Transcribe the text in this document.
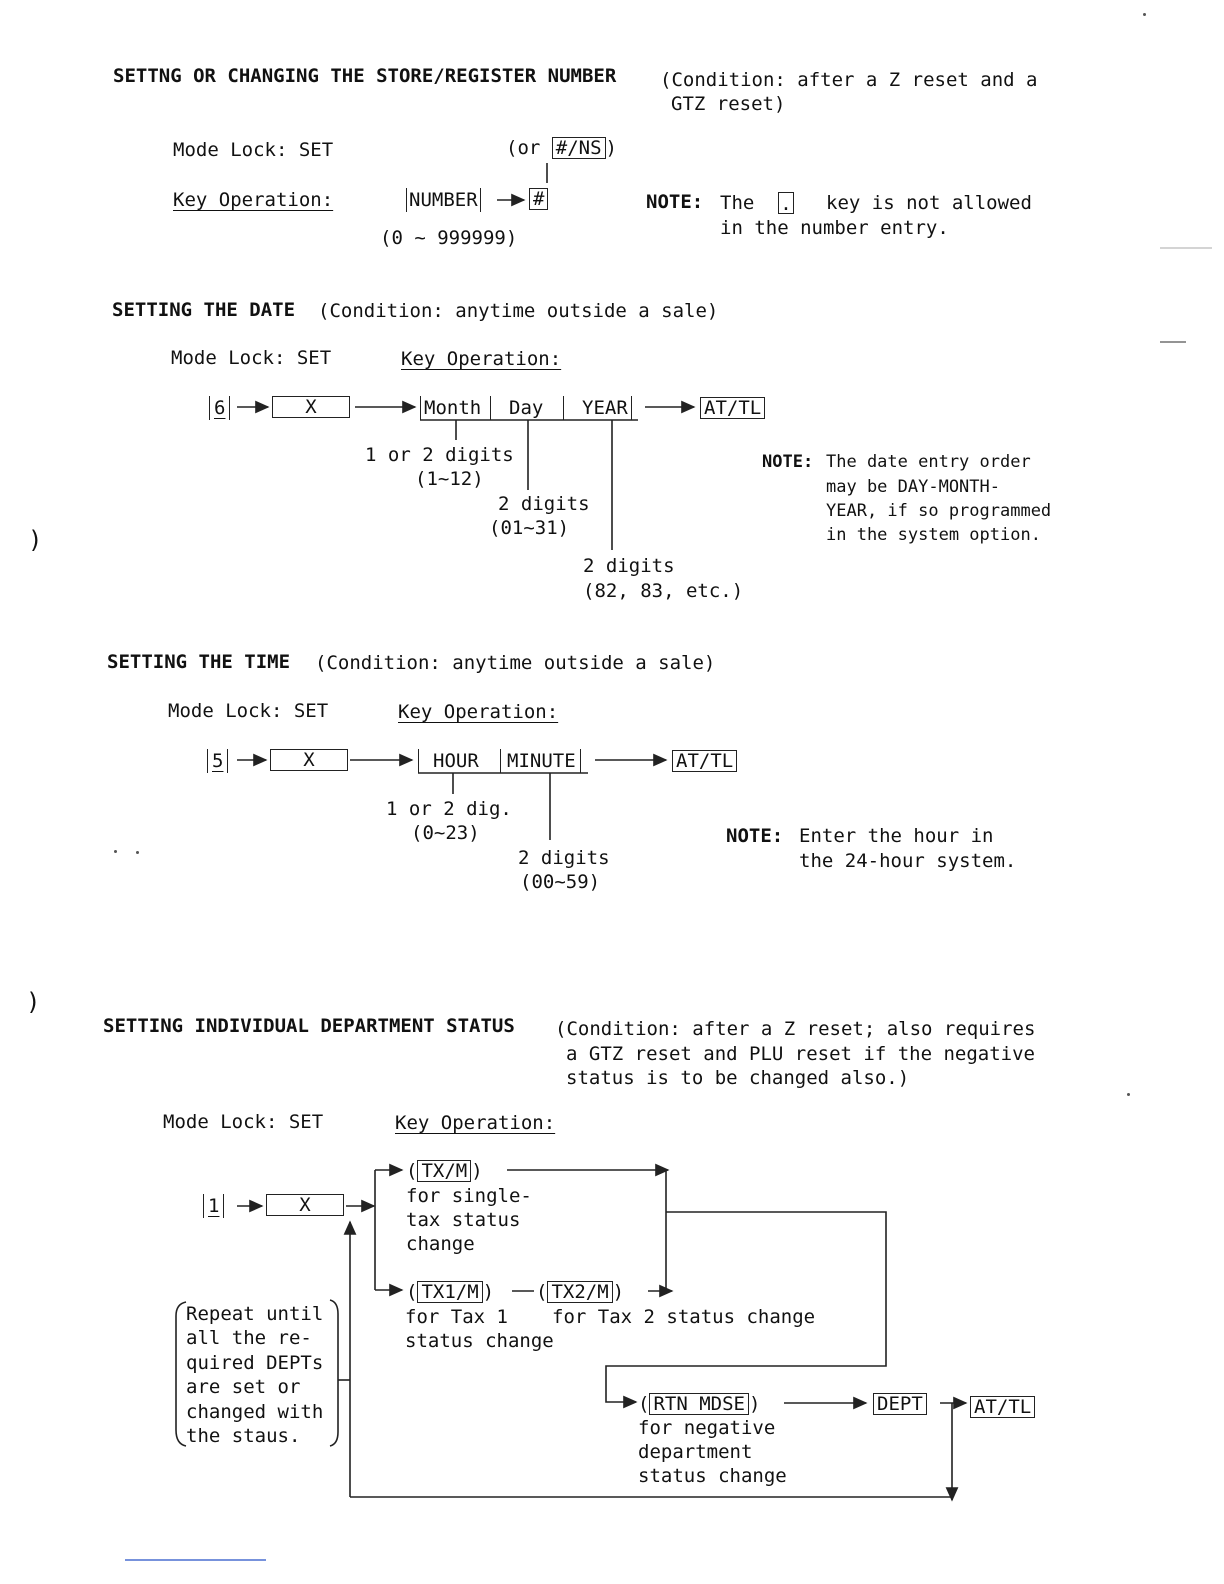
SETTNG OR CHANGING THE STORE/REGISTER NUMBER (Condition: after a Z reset and a
GTZ reset)
Mode Lock: SET	(or #/NS )
Key Operation:	NUMBER	#
(0 ~ 999999)
NOTE: The . key is not allowed
in the number entry.
SETTING THE DATE (Condition: anytime outside a sale)
Mode Lock: SET	Key Operation:
6	X	Month	Day	YEAR	AT/TL
1 or 2 digits
(1~12)
2 digits
(01~31)
2 digits
(82, 83, etc.)
NOTE: The date entry order
may be DAY-MONTH-
YEAR, if so programmed
in the system option.
SETTING THE TIME (Condition: anytime outside a sale)
Mode Lock: SET	Key Operation:
5	X	HOUR	MINUTE	AT/TL
1 or 2 dig.
(0~23)
2 digits
(00~59)
NOTE: Enter the hour in
the 24-hour system.
SETTING INDIVIDUAL DEPARTMENT STATUS (Condition: after a Z reset; also requires
a GTZ reset and PLU reset if the negative
status is to be changed also.)
Mode Lock: SET	Key Operation:
1	X
( TX/M )
for single-
tax status
change
( TX1/M ) ( TX2/M )
for Tax 1
status change
for Tax 2 status change
( RTN MDSE )
for negative
department
status change
DEPT	AT/TL
Repeat until
all the re-
quired DEPTs
are set or
changed with
the staus.
)
)
